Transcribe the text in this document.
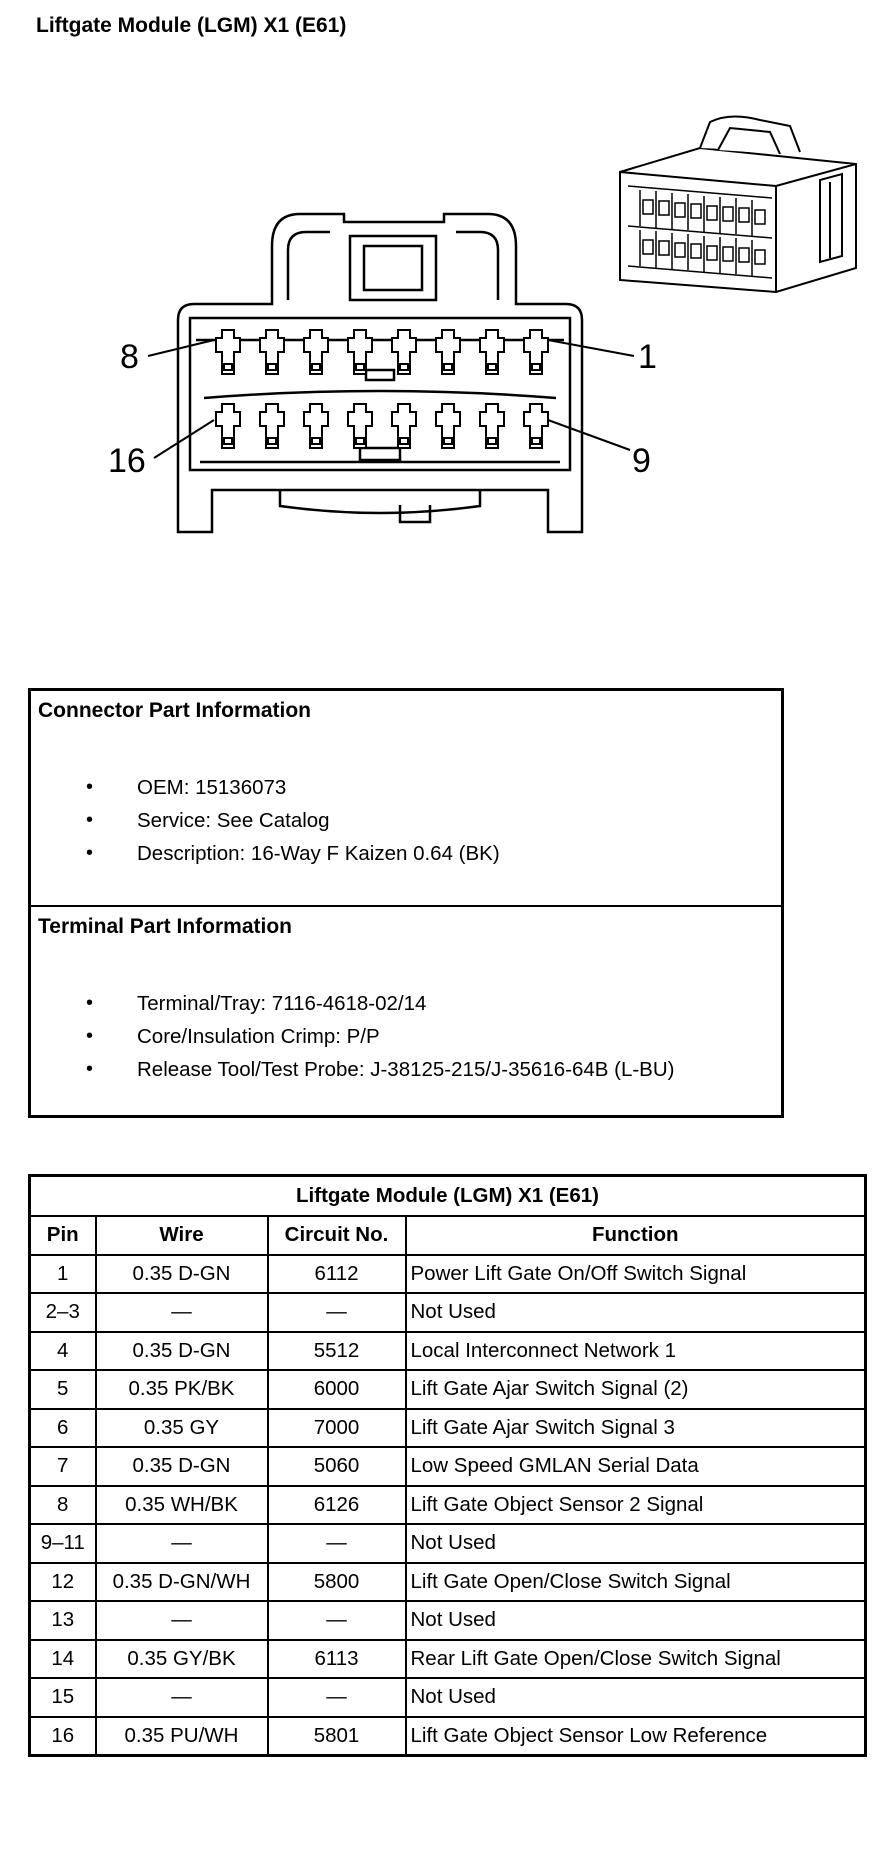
Liftgate Module (LGM) X1 (E61)
8	1
16	9
Connector Part Information
• OEM: 15136073
• Service: See Catalog
• Description: 16-Way F Kaizen 0.64 (BK)
Terminal Part Information
• Terminal/Tray: 7116-4618-02/14
• Core/Insulation Crimp: P/P
• Release Tool/Test Probe: J-38125-215/J-35616-64B (L-BU)
Liftgate Module (LGM) X1 (E61)			
Pin	Wire	Circuit No.	Function
1	0.35 D-GN	6112	Power Lift Gate On/Off Switch Signal
2–3	—	—	Not Used
4	0.35 D-GN	5512	Local Interconnect Network 1
5	0.35 PK/BK	6000	Lift Gate Ajar Switch Signal (2)
6	0.35 GY	7000	Lift Gate Ajar Switch Signal 3
7	0.35 D-GN	5060	Low Speed GMLAN Serial Data
8	0.35 WH/BK	6126	Lift Gate Object Sensor 2 Signal
9–11	—	—	Not Used
12	0.35 D-GN/WH	5800	Lift Gate Open/Close Switch Signal
13	—	—	Not Used
14	0.35 GY/BK	6113	Rear Lift Gate Open/Close Switch Signal
15	—	—	Not Used
16	0.35 PU/WH	5801	Lift Gate Object Sensor Low Reference
